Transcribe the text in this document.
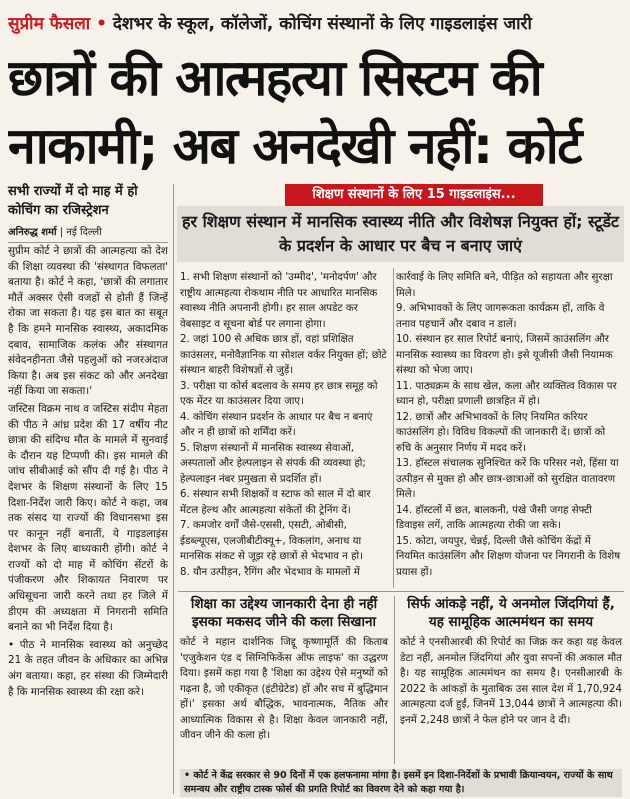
सुप्रीम फैसला • देशभर के स्कूल, कॉलेजों, कोचिंग संस्थानों के लिए गाइडलाइंस जारी
छात्रों की आत्महत्या सिस्टम की
नाकामी; अब अनदेखी नहीं: कोर्ट
सभी राज्यों में दो माह में हो कोचिंग का रजिस्ट्रेशन
अनिरुद्ध शर्मा | नई दिल्ली
शिक्षण संस्थानों के लिए 15 गाइडलाइंस...
हर शिक्षण संस्थान में मानसिक स्वास्थ्य नीति और विशेषज्ञ नियुक्त हों; स्टूडेंट के प्रदर्शन के आधार पर बैच न बनाए जाएं

सुप्रीम कोर्ट ने छात्रों की आत्महत्या को देश की शिक्षा व्यवस्था की 'संस्थागत विफलता' बताया है। कोर्ट ने कहा, 'छात्रों की लगातार मौतें अक्सर ऐसी वजहों से होती हैं जिन्हें रोका जा सकता है। यह इस बात का सबूत है कि हमने मानसिक स्वास्थ्य, अकादमिक दबाव, सामाजिक कलंक और संस्थागत संवेदनहीनता जैसे पहलुओं को नजरअंदाज किया है। अब इस संकट को और अनदेखा नहीं किया जा सकता।'

जस्टिस विक्रम नाथ व जस्टिस संदीप मेहता की पीठ ने आंध्र प्रदेश की 17 वर्षीय नीट छात्रा की संदिग्ध मौत के मामले में सुनवाई के दौरान यह टिप्पणी की। इस मामले की जांच सीबीआई को सौंप दी गई है। पीठ ने देशभर के शिक्षण संस्थानों के लिए 15 दिशा-निर्देश जारी किए। कोर्ट ने कहा, जब तक संसद या राज्यों की विधानसभा इस पर कानून नहीं बनातीं, ये गाइडलाइंस देशभर के लिए बाध्यकारी होंगी। कोर्ट ने राज्यों को दो माह में कोचिंग सेंटरों के पंजीकरण और शिकायत निवारण पर अधिसूचना जारी करने तथा हर जिले में डीएम की अध्यक्षता में निगरानी समिति बनाने का भी निर्देश दिया है।

• पीठ ने मानसिक स्वास्थ्य को अनुच्छेद 21 के तहत जीवन के अधिकार का अभिन्न अंग बताया। कहा, हर संस्था की जिम्मेदारी है कि मानसिक स्वास्थ्य की रक्षा करे।

1. सभी शिक्षण संस्थानों को 'उम्मीद', 'मनोदर्पण' और राष्ट्रीय आत्महत्या रोकथाम नीति पर आधारित मानसिक स्वास्थ्य नीति अपनानी होगी। हर साल अपडेट कर वेबसाइट व सूचना बोर्ड पर लगाना होगा।

2. जहां 100 से अधिक छात्र हों, वहां प्रशिक्षित काउंसलर, मनोवैज्ञानिक या सोशल वर्कर नियुक्त हों; छोटे संस्थान बाहरी विशेषज्ञों से जुड़ें।

3. परीक्षा या कोर्स बदलाव के समय हर छात्र समूह को एक मेंटर या काउंसलर दिया जाए।

4. कोचिंग संस्थान प्रदर्शन के आधार पर बैच न बनाएं और न ही छात्रों को शर्मिंदा करें।

5. शिक्षण संस्थानों में मानसिक स्वास्थ्य सेवाओं, अस्पतालों और हेल्पलाइन से संपर्क की व्यवस्था हो; हेल्पलाइन नंबर प्रमुखता से प्रदर्शित हों।

6. संस्थान सभी शिक्षकों व स्टाफ को साल में दो बार मेंटल हेल्थ और आत्महत्या संकेतों की ट्रेनिंग दें।

7. कमजोर वर्गों जैसे-एससी, एसटी, ओबीसी, ईडब्ल्यूएस, एलजीबीटीक्यू+, विकलांग, अनाथ या मानसिक संकट से जूझ रहे छात्रों से भेदभाव न हो।

8. यौन उत्पीड़न, रैगिंग और भेदभाव के मामलों में

कार्रवाई के लिए समिति बने, पीड़ित को सहायता और सुरक्षा मिले।

9. अभिभावकों के लिए जागरूकता कार्यक्रम हों, ताकि वे तनाव पहचानें और दबाव न डालें।

10. संस्थान हर साल रिपोर्ट बनाएं, जिसमें काउंसलिंग और मानसिक स्वास्थ्य का विवरण हो। इसे यूजीसी जैसी नियामक संस्था को भेजा जाए।

11. पाठ्यक्रम के साथ खेल, कला और व्यक्तित्व विकास पर ध्यान हो, परीक्षा प्रणाली छात्रहित में हो।

12. छात्रों और अभिभावकों के लिए नियमित करियर काउंसलिंग हो। विविध विकल्पों की जानकारी दें। छात्रों को रुचि के अनुसार निर्णय में मदद करें।

13. हॉस्टल संचालक सुनिश्चित करें कि परिसर नशे, हिंसा या उत्पीड़न से मुक्त हो और छात्र-छात्राओं को सुरक्षित वातावरण मिले।

14. हॉस्टलों में छत, बालकनी, पंखे जैसी जगह सेफ्टी डिवाइस लगें, ताकि आत्महत्या रोकी जा सके।

15. कोटा, जयपुर, चेन्नई, दिल्ली जैसे कोचिंग केंद्रों में नियमित काउंसलिंग और शिक्षण योजना पर निगरानी के विशेष प्रयास हों।

शिक्षा का उद्देश्य जानकारी देना ही नहीं इसका मकसद जीने की कला सिखाना
कोर्ट ने महान दार्शनिक जिद्दू कृष्णामूर्ति की किताब 'एजुकेशन एंड द सिग्निफिकेंस ऑफ लाइफ' का उद्धरण दिया। इसमें कहा गया है 'शिक्षा का उद्देश्य ऐसे मनुष्यों को गढ़ना है, जो एकीकृत (इंटीग्रेटेड) हों और सच में बुद्धिमान हों।' इसका अर्थ बौद्धिक, भावनात्मक, नैतिक और आध्यात्मिक विकास से है। शिक्षा केवल जानकारी नहीं, जीवन जीने की कला हो।
सिर्फ आंकड़े नहीं, ये अनमोल जिंदगियां हैं, यह सामूहिक आत्ममंथन का समय
कोर्ट ने एनसीआरबी की रिपोर्ट का जिक्र कर कहा यह केवल डेटा नहीं, अनमोल जिंदगियां और युवा सपनों की अकाल मौत है। यह सामूहिक आत्ममंथन का समय है। एनसीआरबी के 2022 के आंकड़ों के मुताबिक उस साल देश में 1,70,924 आत्महत्या दर्ज हुईं, जिनमें 13,044 छात्रों ने आत्महत्या की। इनमें 2,248 छात्रों ने फेल होने पर जान दे दी।
• कोर्ट ने केंद्र सरकार से 90 दिनों में एक हलफनामा मांगा है। इसमें इन दिशा-निर्देशों के प्रभावी क्रियान्वयन, राज्यों के साथ समन्वय और राष्ट्रीय टास्क फोर्स की प्रगति रिपोर्ट का विवरण देने को कहा गया है।
